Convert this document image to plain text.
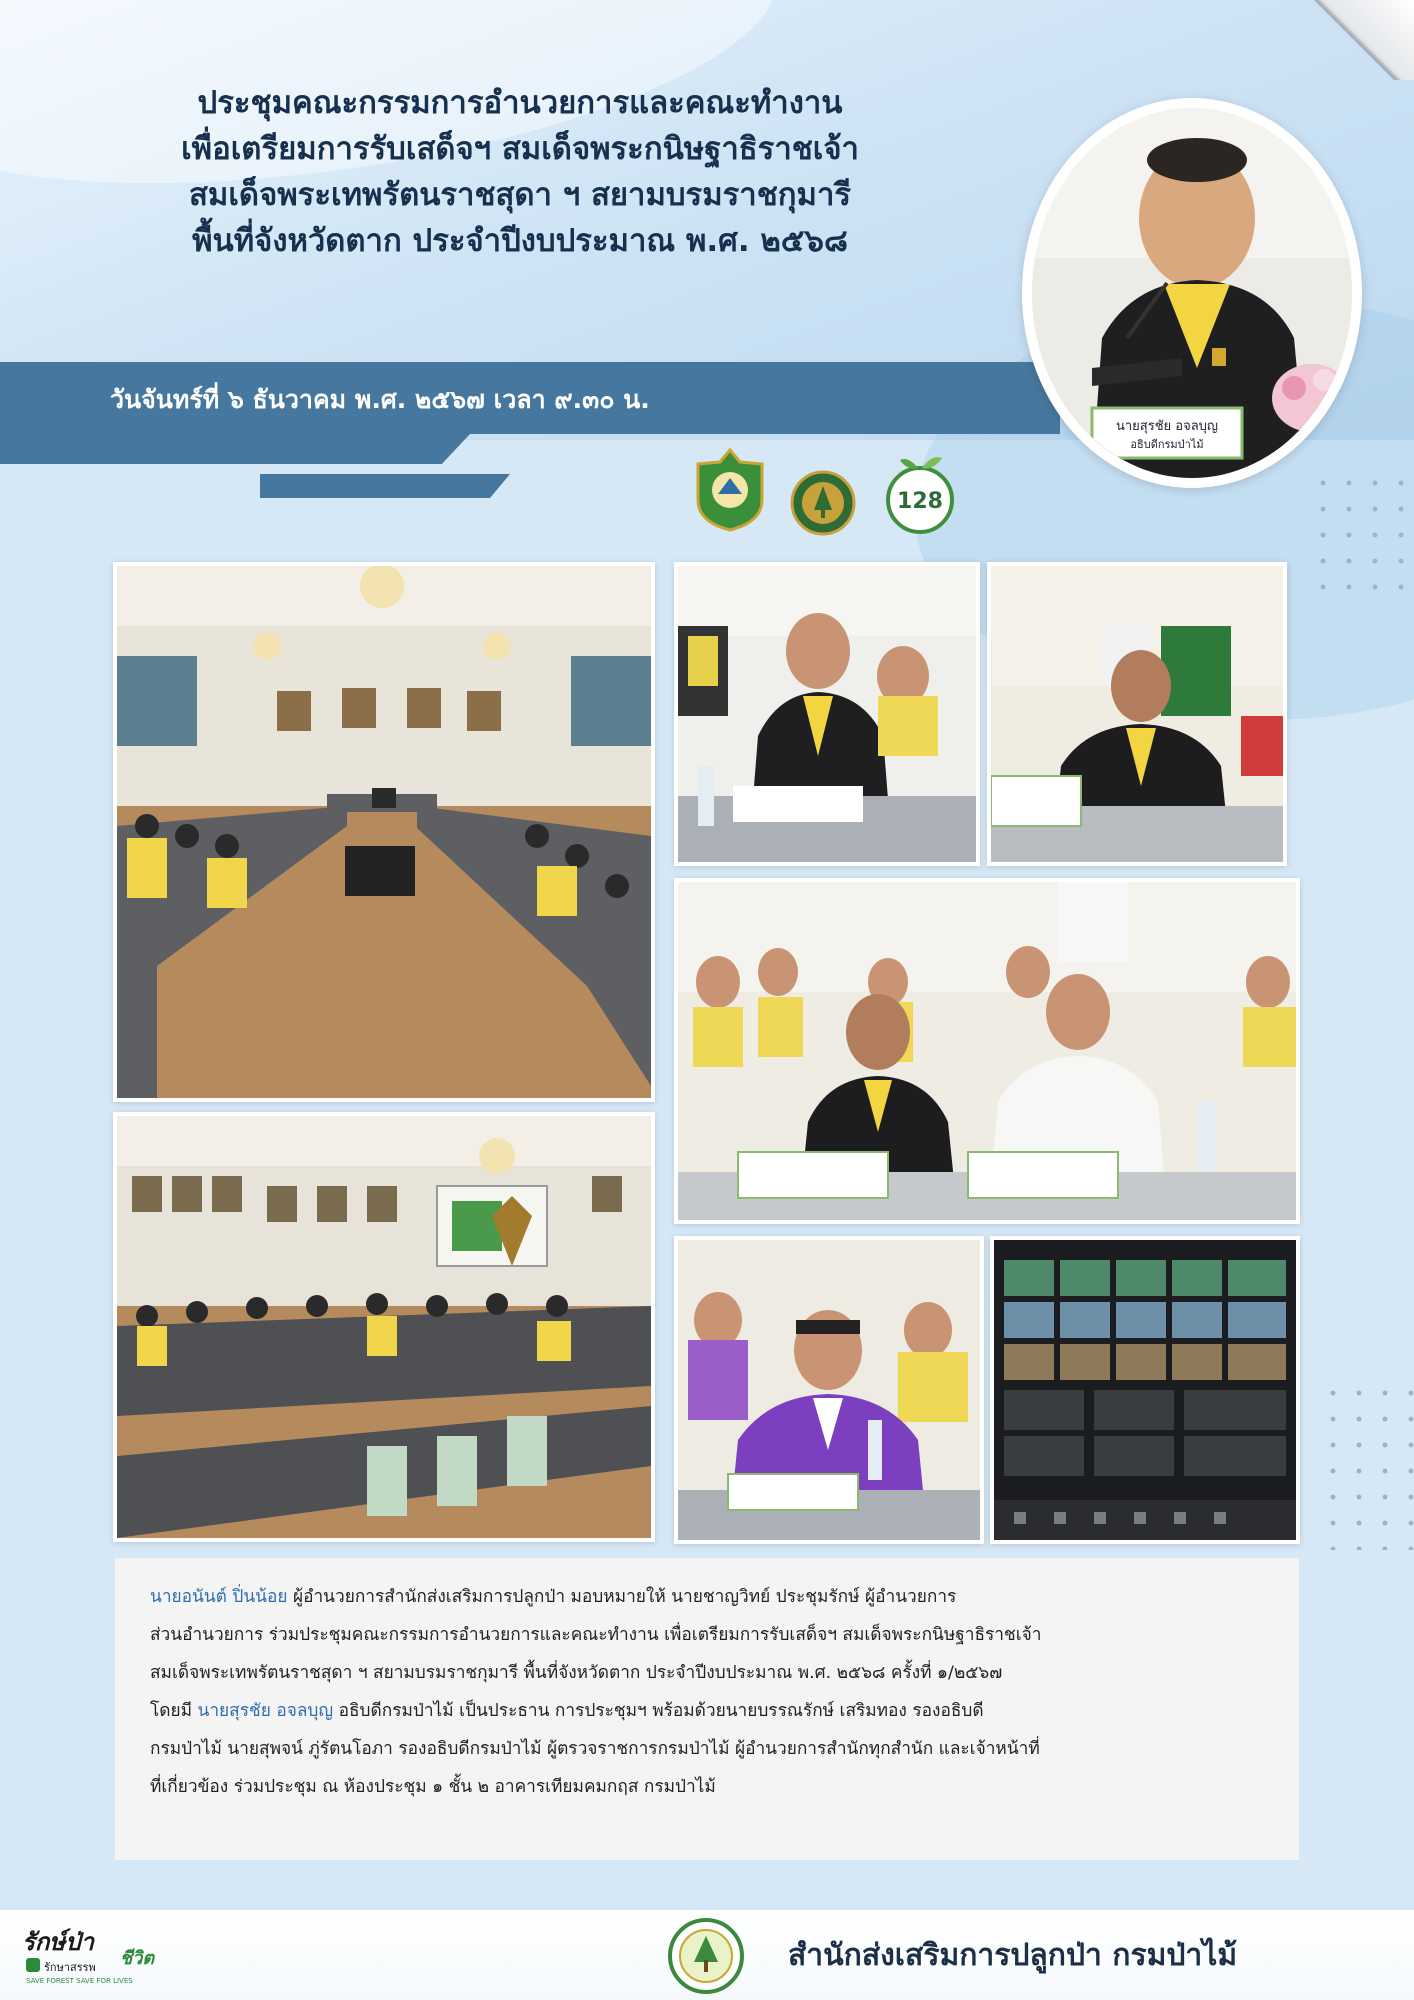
ประชุมคณะกรรมการอำนวยการและคณะทำงาน
เพื่อเตรียมการรับเสด็จฯ สมเด็จพระกนิษฐาธิราชเจ้า
สมเด็จพระเทพรัตนราชสุดา ฯ สยามบรมราชกุมารี
พื้นที่จังหวัดตาก ประจำปีงบประมาณ พ.ศ. ๒๕๖๘
วันจันทร์ที่ ๖ ธันวาคม พ.ศ. ๒๕๖๗ เวลา ๙.๓๐ น.
นายสุรชัย อจลบุญ
อธิบดีกรมป่าไม้
128
นายอนันต์ ปิ่นน้อย ผู้อำนวยการสำนักส่งเสริมการปลูกป่า มอบหมายให้ นายชาญวิทย์ ประชุมรักษ์ ผู้อำนวยการ
ส่วนอำนวยการ ร่วมประชุมคณะกรรมการอำนวยการและคณะทำงาน เพื่อเตรียมการรับเสด็จฯ สมเด็จพระกนิษฐาธิราชเจ้า
สมเด็จพระเทพรัตนราชสุดา ฯ สยามบรมราชกุมารี พื้นที่จังหวัดตาก ประจำปีงบประมาณ พ.ศ. ๒๕๖๘ ครั้งที่ ๑/๒๕๖๗
โดยมี นายสุรชัย อจลบุญ อธิบดีกรมป่าไม้ เป็นประธาน การประชุมฯ พร้อมด้วยนายบรรณรักษ์ เสริมทอง รองอธิบดี
กรมป่าไม้ นายสุพจน์ ภู่รัตนโอภา รองอธิบดีกรมป่าไม้ ผู้ตรวจราชการกรมป่าไม้ ผู้อำนวยการสำนักทุกสำนัก และเจ้าหน้าที่
ที่เกี่ยวข้อง ร่วมประชุม ณ ห้องประชุม ๑ ชั้น ๒ อาคารเทียมคมกฤส กรมป่าไม้
รักษ์ป่า
ชีวิต
รักษาสรรพ
SAVE FOREST SAVE FOR LIVES
สำนักส่งเสริมการปลูกป่า กรมป่าไม้
